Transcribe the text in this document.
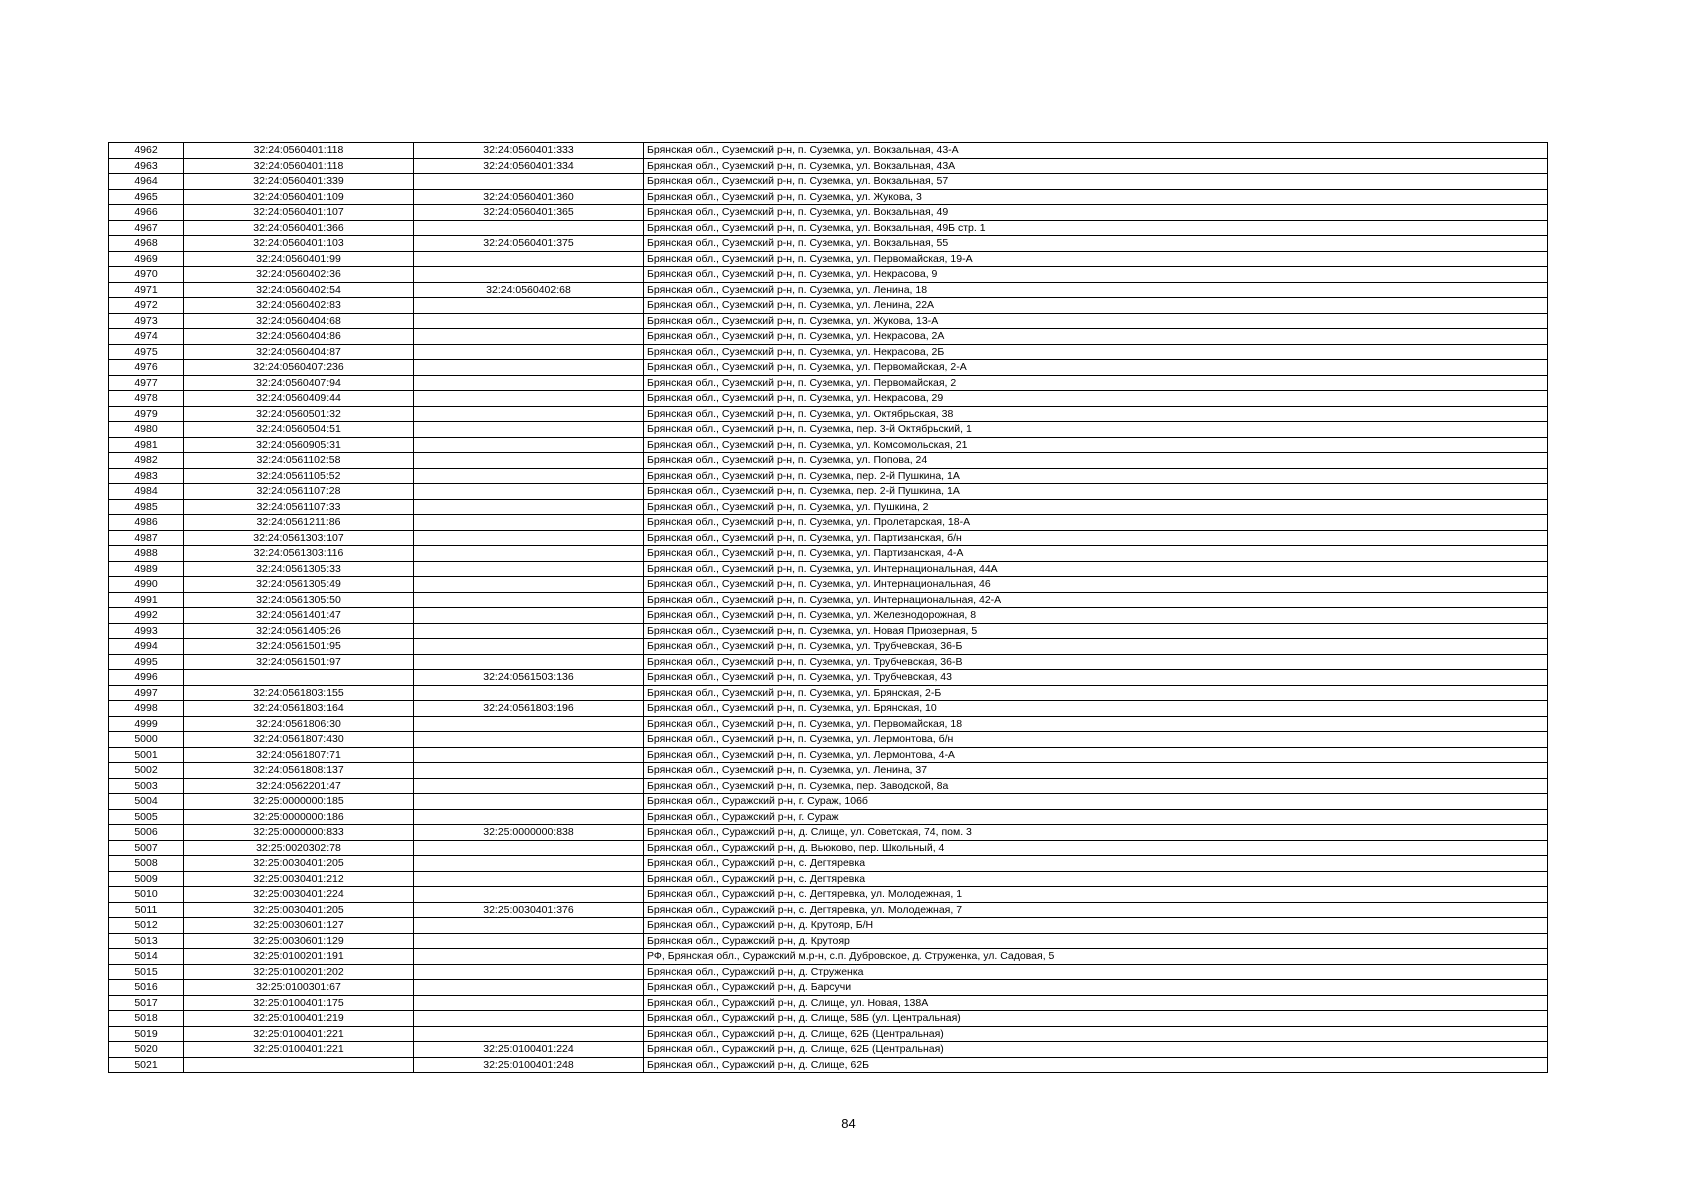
4962	32:24:0560401:118	32:24:0560401:333	Брянская обл., Суземский р-н, п. Суземка, ул. Вокзальная, 43-А
4963	32:24:0560401:118	32:24:0560401:334	Брянская обл., Суземский р-н, п. Суземка, ул. Вокзальная, 43А
4964	32:24:0560401:339		Брянская обл., Суземский р-н, п. Суземка, ул. Вокзальная, 57
4965	32:24:0560401:109	32:24:0560401:360	Брянская обл., Суземский р-н, п. Суземка, ул. Жукова, 3
4966	32:24:0560401:107	32:24:0560401:365	Брянская обл., Суземский р-н, п. Суземка, ул. Вокзальная, 49
4967	32:24:0560401:366		Брянская обл., Суземский р-н, п. Суземка, ул. Вокзальная, 49Б стр. 1
4968	32:24:0560401:103	32:24:0560401:375	Брянская обл., Суземский р-н, п. Суземка, ул. Вокзальная, 55
4969	32:24:0560401:99		Брянская обл., Суземский р-н, п. Суземка, ул. Первомайская, 19-А
4970	32:24:0560402:36		Брянская обл., Суземский р-н, п. Суземка, ул. Некрасова, 9
4971	32:24:0560402:54	32:24:0560402:68	Брянская обл., Суземский р-н, п. Суземка, ул. Ленина, 18
4972	32:24:0560402:83		Брянская обл., Суземский р-н, п. Суземка, ул. Ленина, 22А
4973	32:24:0560404:68		Брянская обл., Суземский р-н, п. Суземка, ул. Жукова, 13-А
4974	32:24:0560404:86		Брянская обл., Суземский р-н, п. Суземка, ул. Некрасова, 2А
4975	32:24:0560404:87		Брянская обл., Суземский р-н, п. Суземка, ул. Некрасова, 2Б
4976	32:24:0560407:236		Брянская обл., Суземский р-н, п. Суземка, ул. Первомайская, 2-А
4977	32:24:0560407:94		Брянская обл., Суземский р-н, п. Суземка, ул. Первомайская, 2
4978	32:24:0560409:44		Брянская обл., Суземский р-н, п. Суземка, ул. Некрасова, 29
4979	32:24:0560501:32		Брянская обл., Суземский р-н, п. Суземка, ул. Октябрьская, 38
4980	32:24:0560504:51		Брянская обл., Суземский р-н, п. Суземка, пер. 3-й Октябрьский, 1
4981	32:24:0560905:31		Брянская обл., Суземский р-н, п. Суземка, ул. Комсомольская, 21
4982	32:24:0561102:58		Брянская обл., Суземский р-н, п. Суземка, ул. Попова, 24
4983	32:24:0561105:52		Брянская обл., Суземский р-н, п. Суземка, пер. 2-й Пушкина, 1А
4984	32:24:0561107:28		Брянская обл., Суземский р-н, п. Суземка, пер. 2-й Пушкина, 1А
4985	32:24:0561107:33		Брянская обл., Суземский р-н, п. Суземка, ул. Пушкина, 2
4986	32:24:0561211:86		Брянская обл., Суземский р-н, п. Суземка, ул. Пролетарская, 18-А
4987	32:24:0561303:107		Брянская обл., Суземский р-н, п. Суземка, ул. Партизанская, б/н
4988	32:24:0561303:116		Брянская обл., Суземский р-н, п. Суземка, ул. Партизанская, 4-А
4989	32:24:0561305:33		Брянская обл., Суземский р-н, п. Суземка, ул. Интернациональная, 44А
4990	32:24:0561305:49		Брянская обл., Суземский р-н, п. Суземка, ул. Интернациональная, 46
4991	32:24:0561305:50		Брянская обл., Суземский р-н, п. Суземка, ул. Интернациональная, 42-А
4992	32:24:0561401:47		Брянская обл., Суземский р-н, п. Суземка, ул. Железнодорожная, 8
4993	32:24:0561405:26		Брянская обл., Суземский р-н, п. Суземка, ул. Новая Приозерная, 5
4994	32:24:0561501:95		Брянская обл., Суземский р-н, п. Суземка, ул. Трубчевская, 36-Б
4995	32:24:0561501:97		Брянская обл., Суземский р-н, п. Суземка, ул. Трубчевская, 36-В
4996		32:24:0561503:136	Брянская обл., Суземский р-н, п. Суземка, ул. Трубчевская, 43
4997	32:24:0561803:155		Брянская обл., Суземский р-н, п. Суземка, ул. Брянская, 2-Б
4998	32:24:0561803:164	32:24:0561803:196	Брянская обл., Суземский р-н, п. Суземка, ул. Брянская, 10
4999	32:24:0561806:30		Брянская обл., Суземский р-н, п. Суземка, ул. Первомайская, 18
5000	32:24:0561807:430		Брянская обл., Суземский р-н, п. Суземка, ул. Лермонтова, б/н
5001	32:24:0561807:71		Брянская обл., Суземский р-н, п. Суземка, ул. Лермонтова, 4-А
5002	32:24:0561808:137		Брянская обл., Суземский р-н, п. Суземка, ул. Ленина, 37
5003	32:24:0562201:47		Брянская обл., Суземский р-н, п. Суземка, пер. Заводской, 8а
5004	32:25:0000000:185		Брянская обл., Суражский р-н, г. Сураж, 106б
5005	32:25:0000000:186		Брянская обл., Суражский р-н, г. Сураж
5006	32:25:0000000:833	32:25:0000000:838	Брянская обл., Суражский р-н, д. Слище, ул. Советская, 74, пом. 3
5007	32:25:0020302:78		Брянская обл., Суражский р-н, д. Вьюково, пер. Школьный, 4
5008	32:25:0030401:205		Брянская обл., Суражский р-н, с. Дегтяревка
5009	32:25:0030401:212		Брянская обл., Суражский р-н, с. Дегтяревка
5010	32:25:0030401:224		Брянская обл., Суражский р-н, с. Дегтяревка, ул. Молодежная, 1
5011	32:25:0030401:205	32:25:0030401:376	Брянская обл., Суражский р-н, с. Дегтяревка, ул. Молодежная, 7
5012	32:25:0030601:127		Брянская обл., Суражский р-н, д. Крутояр, Б/Н
5013	32:25:0030601:129		Брянская обл., Суражский р-н, д. Крутояр
5014	32:25:0100201:191		РФ, Брянская обл., Суражский м.р-н, с.п. Дубровское, д. Струженка, ул. Садовая, 5
5015	32:25:0100201:202		Брянская обл., Суражский р-н, д. Струженка
5016	32:25:0100301:67		Брянская обл., Суражский р-н, д. Барсучи
5017	32:25:0100401:175		Брянская обл., Суражский р-н, д. Слище, ул. Новая, 138А
5018	32:25:0100401:219		Брянская обл., Суражский р-н, д. Слище, 58Б (ул. Центральная)
5019	32:25:0100401:221		Брянская обл., Суражский р-н, д. Слище, 62Б (Центральная)
5020	32:25:0100401:221	32:25:0100401:224	Брянская обл., Суражский р-н, д. Слище, 62Б (Центральная)
5021		32:25:0100401:248	Брянская обл., Суражский р-н, д. Слище, 62Б
84
